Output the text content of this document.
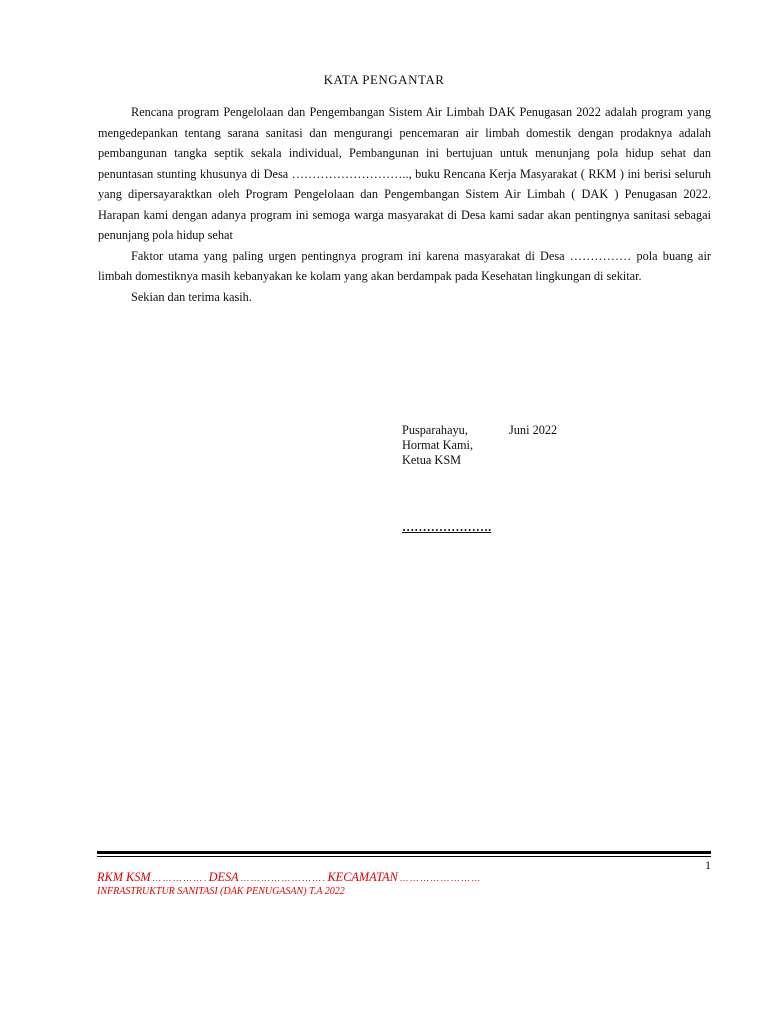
KATA PENGANTAR

Rencana program Pengelolaan dan Pengembangan Sistem Air Limbah DAK Penugasan 2022 adalah program yang mengedepankan tentang sarana sanitasi dan mengurangi pencemaran air limbah domestik dengan prodaknya adalah pembangunan tangka septik sekala individual, Pembangunan ini bertujuan untuk menunjang pola hidup sehat dan penuntasan stunting khusunya di Desa ……………………….., buku Rencana Kerja Masyarakat ( RKM ) ini berisi seluruh yang dipersayaraktkan oleh Program Pengelolaan dan Pengembangan Sistem Air Limbah ( DAK ) Penugasan 2022. Harapan kami dengan adanya program ini semoga warga masyarakat di Desa kami sadar akan pentingnya sanitasi sebagai penunjang pola hidup sehat

Faktor utama yang paling urgen pentingnya program ini karena masyarakat di Desa …………… pola buang air limbah domestiknya masih kebanyakan ke kolam yang akan berdampak pada Kesehatan lingkungan di sekitar.

Sekian dan terima kasih.

Pusparahayu,	Juni 2022
Hormat Kami,
Ketua KSM
………………….
1
RKM KSM … … … … … . DESA … … … … … … … … . KECAMATAN … … … … … … … …
INFRASTRUKTUR SANITASI (DAK PENUGASAN) T.A 2022
